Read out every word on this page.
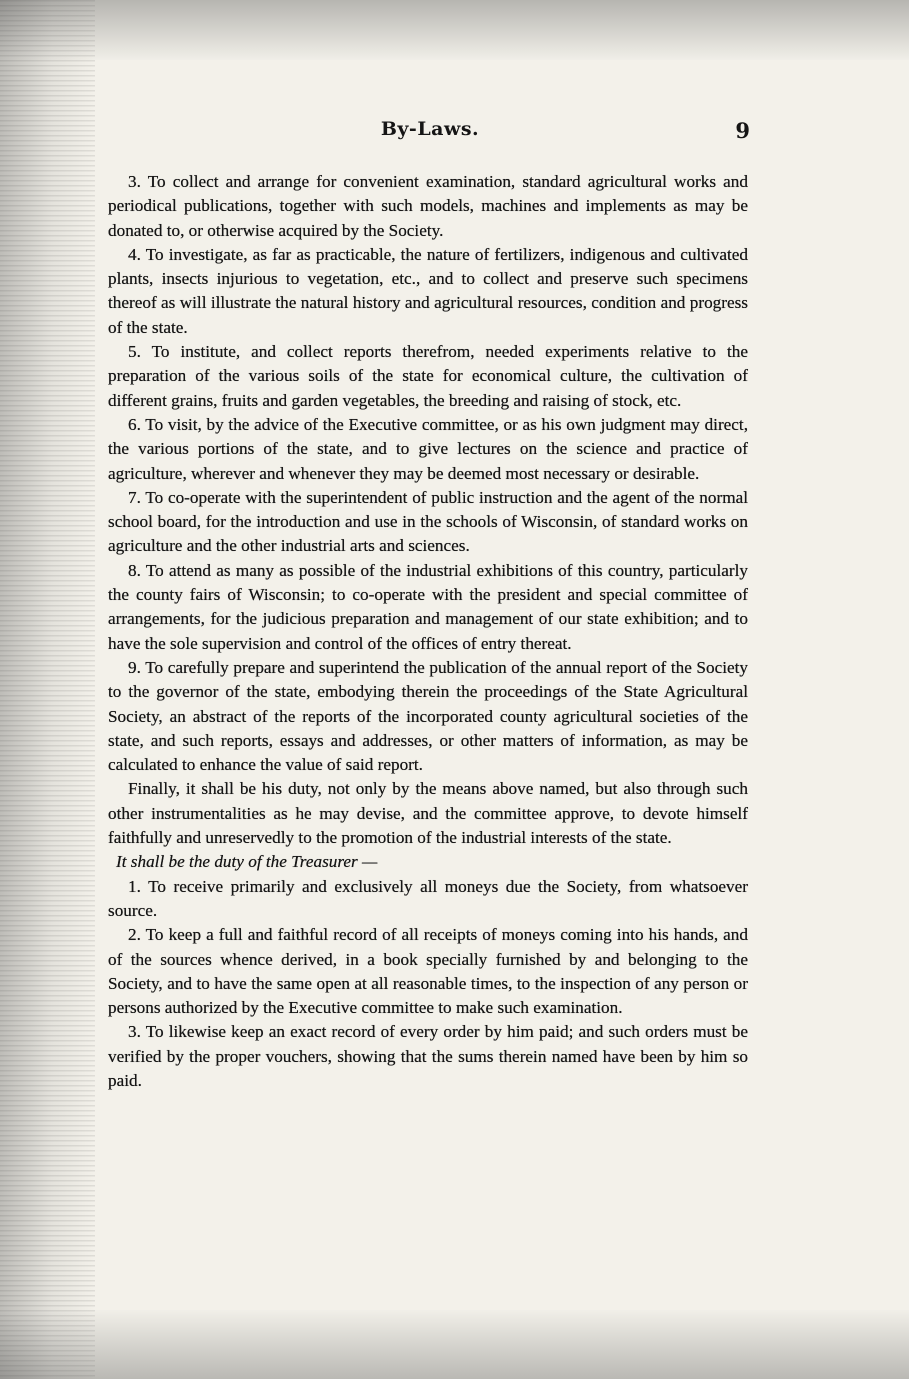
By-Laws.	9

3. To collect and arrange for convenient examination, standard agricultural works and periodical publications, together with such models, machines and implements as may be donated to, or otherwise acquired by the Society.

4. To investigate, as far as practicable, the nature of fertilizers, indigenous and cultivated plants, insects injurious to vegetation, etc., and to collect and preserve such specimens thereof as will illustrate the natural history and agricultural resources, condition and progress of the state.

5. To institute, and collect reports therefrom, needed experiments relative to the preparation of the various soils of the state for economical culture, the cultivation of different grains, fruits and garden vegetables, the breeding and raising of stock, etc.

6. To visit, by the advice of the Executive committee, or as his own judgment may direct, the various portions of the state, and to give lectures on the science and practice of agriculture, wherever and whenever they may be deemed most necessary or desirable.

7. To co-operate with the superintendent of public instruction and the agent of the normal school board, for the introduction and use in the schools of Wisconsin, of standard works on agriculture and the other industrial arts and sciences.

8. To attend as many as possible of the industrial exhibitions of this country, particularly the county fairs of Wisconsin; to co-operate with the president and special committee of arrangements, for the judicious preparation and management of our state exhibition; and to have the sole supervision and control of the offices of entry thereat.

9. To carefully prepare and superintend the publication of the annual report of the Society to the governor of the state, embodying therein the proceedings of the State Agricultural Society, an abstract of the reports of the incorporated county agricultural societies of the state, and such reports, essays and addresses, or other matters of information, as may be calculated to enhance the value of said report.

Finally, it shall be his duty, not only by the means above named, but also through such other instrumentalities as he may devise, and the committee approve, to devote himself faithfully and unreservedly to the promotion of the industrial interests of the state.

It shall be the duty of the Treasurer —

1. To receive primarily and exclusively all moneys due the Society, from whatsoever source.

2. To keep a full and faithful record of all receipts of moneys coming into his hands, and of the sources whence derived, in a book specially furnished by and belonging to the Society, and to have the same open at all reasonable times, to the inspection of any person or persons authorized by the Executive committee to make such examination.

3. To likewise keep an exact record of every order by him paid; and such orders must be verified by the proper vouchers, showing that the sums therein named have been by him so paid.
